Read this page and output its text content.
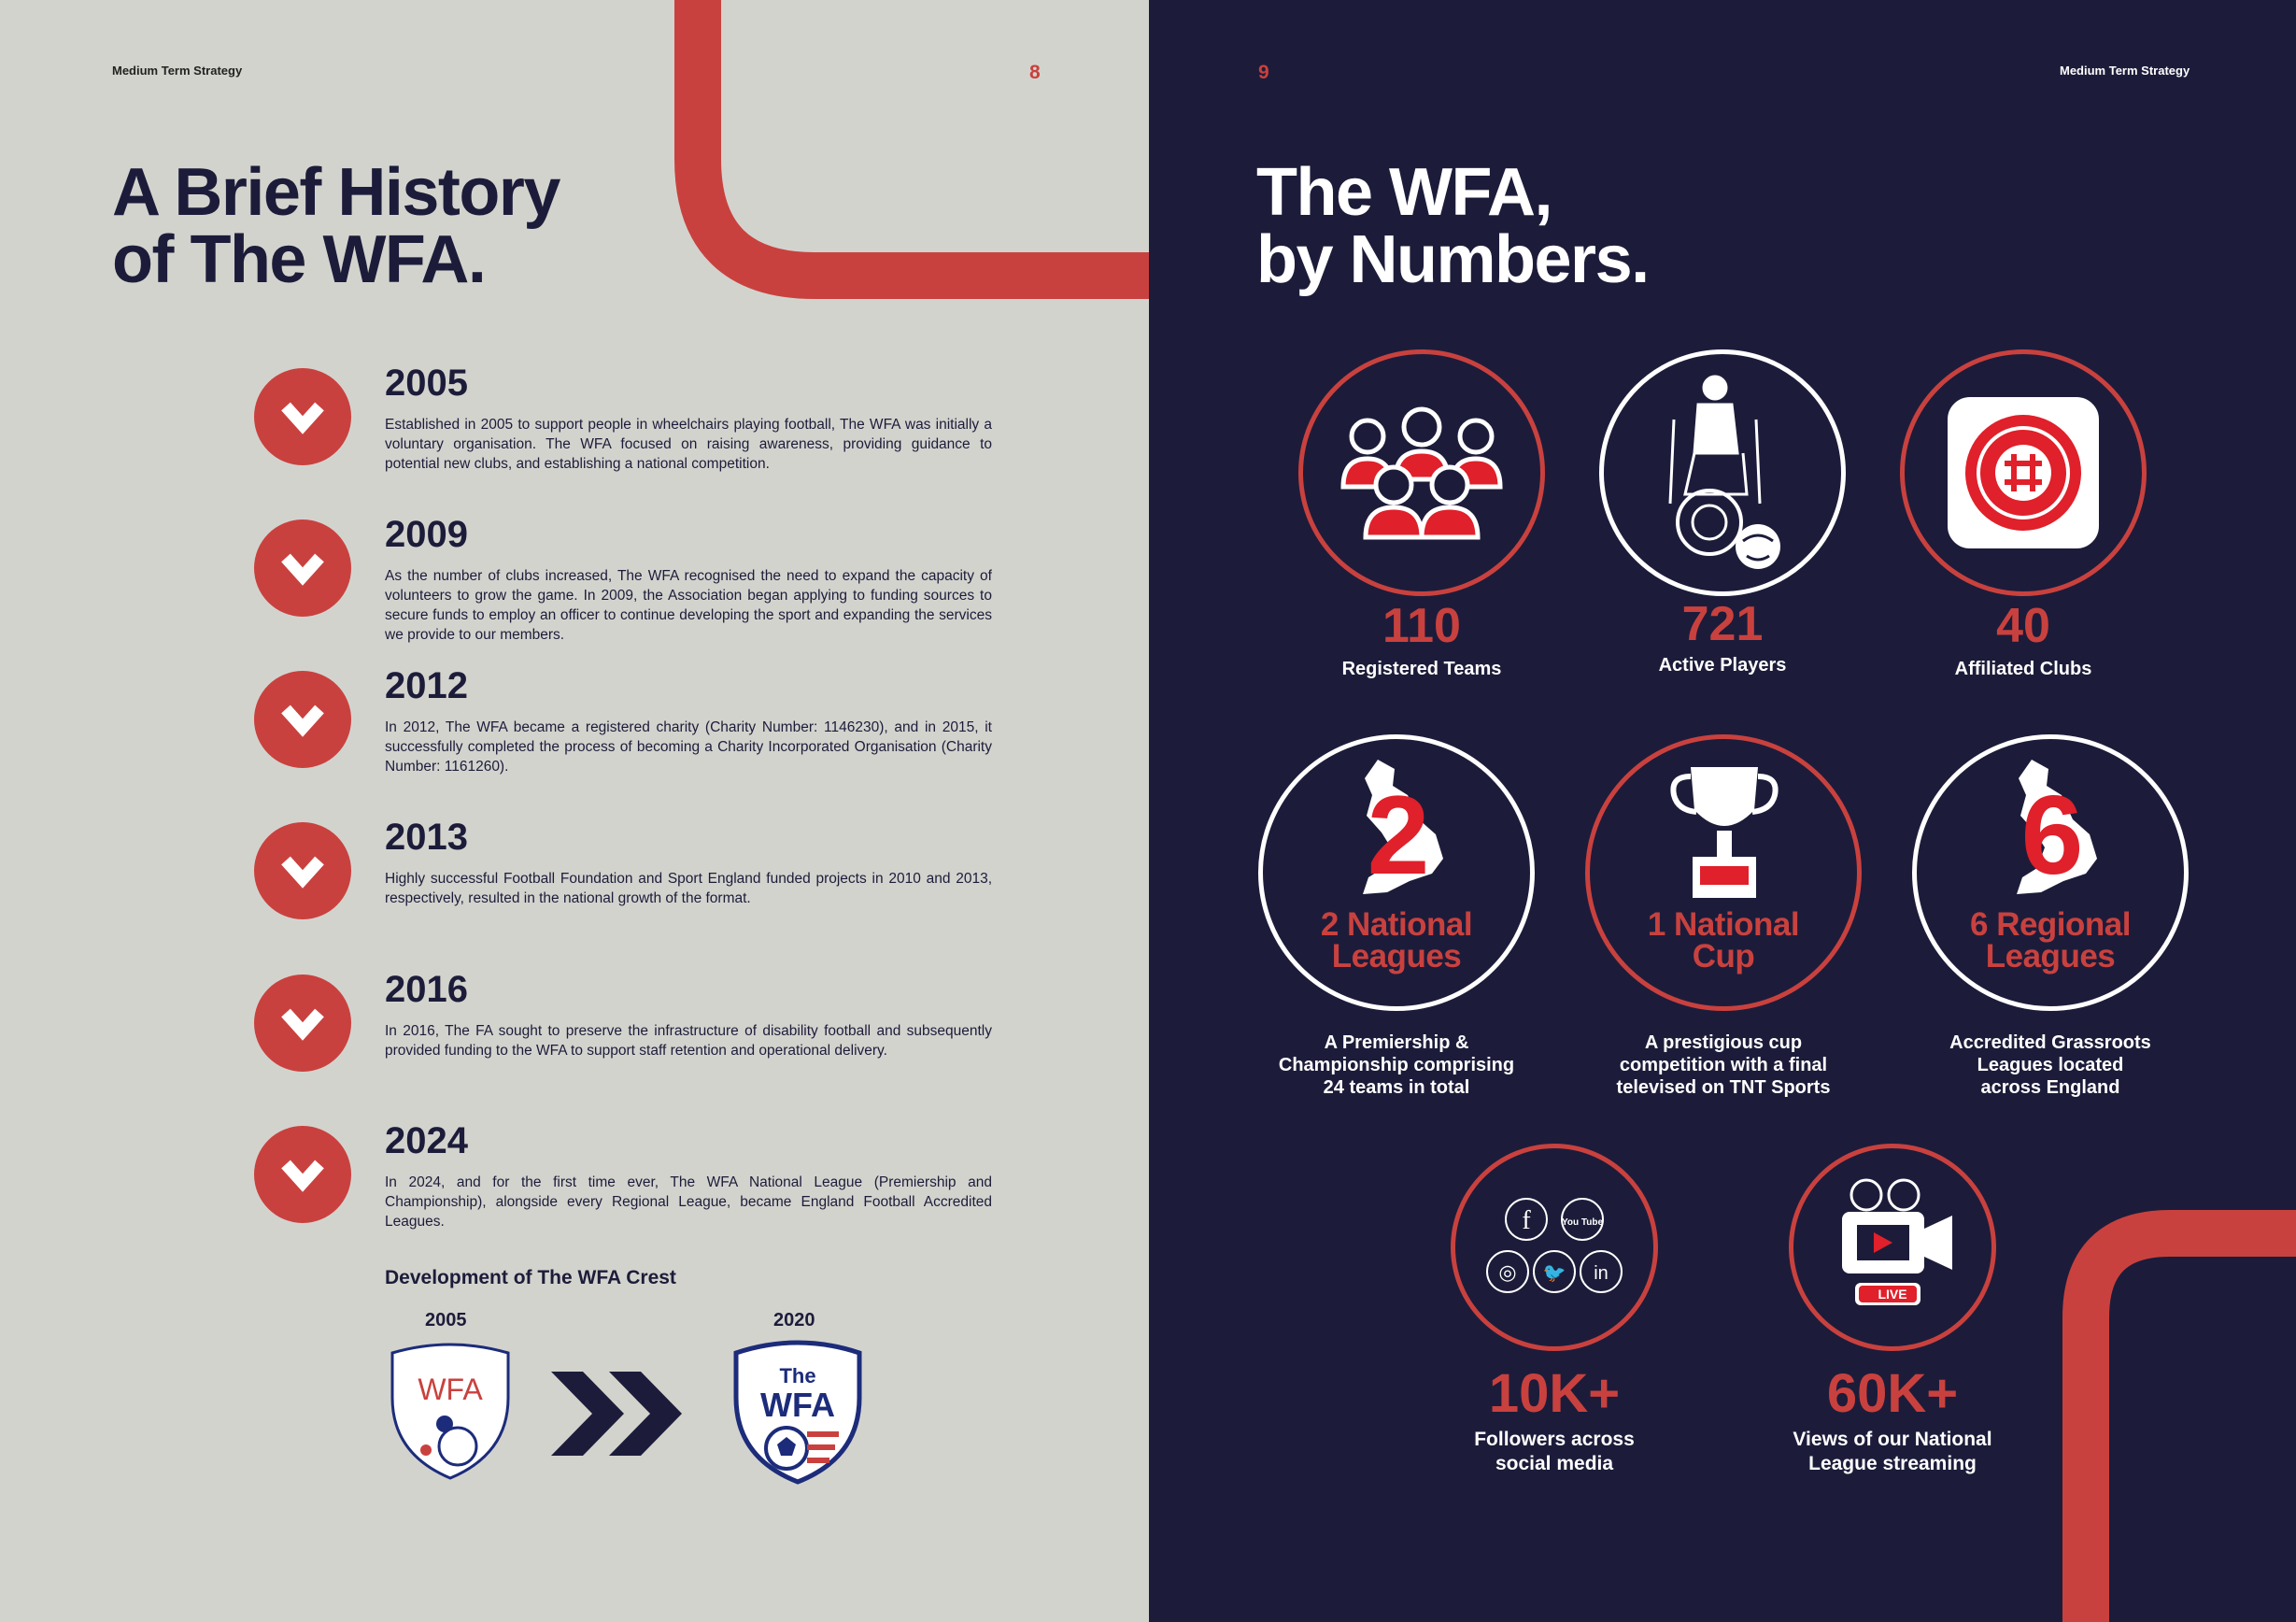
Medium Term Strategy	8
A Brief History
of The WFA.
2005

Established in 2005 to support people in wheelchairs playing football, The WFA was initially a voluntary organisation. The WFA focused on raising awareness, providing guidance to potential new clubs, and establishing a national competition.

2009

As the number of clubs increased, The WFA recognised the need to expand the capacity of volunteers to grow the game. In 2009, the Association began applying to funding sources to secure funds to employ an officer to continue developing the sport and expanding the services we provide to our members.

2012

In 2012, The WFA became a registered charity (Charity Number: 1146230), and in 2015, it successfully completed the process of becoming a Charity Incorporated Organisation (Charity Number: 1161260).

2013

Highly successful Football Foundation and Sport England funded projects in 2010 and 2013, respectively, resulted in the national growth of the format.

2016

In 2016, The FA sought to preserve the infrastructure of disability football and subsequently provided funding to the WFA to support staff retention and operational delivery.

2024

In 2024, and for the first time ever, The WFA National League (Premiership and Championship), alongside every Regional League, became England Football Accredited Leagues.

Development of The WFA Crest
2005	2020
WFA	The
WFA
9	Medium Term Strategy
The WFA,
by Numbers.
110
Registered Teams
721
Active Players
40
Affiliated Clubs
2
2 National
Leagues
A Premiership &
Championship comprising
24 teams in total
1 National
Cup
A prestigious cup
competition with a final
televised on TNT Sports
6
6 Regional
Leagues
Accredited Grassroots
Leagues located
across England
f	You Tube
◎ 🐦 in
10K+
Followers across
social media
LIVE
60K+
Views of our National
League streaming
